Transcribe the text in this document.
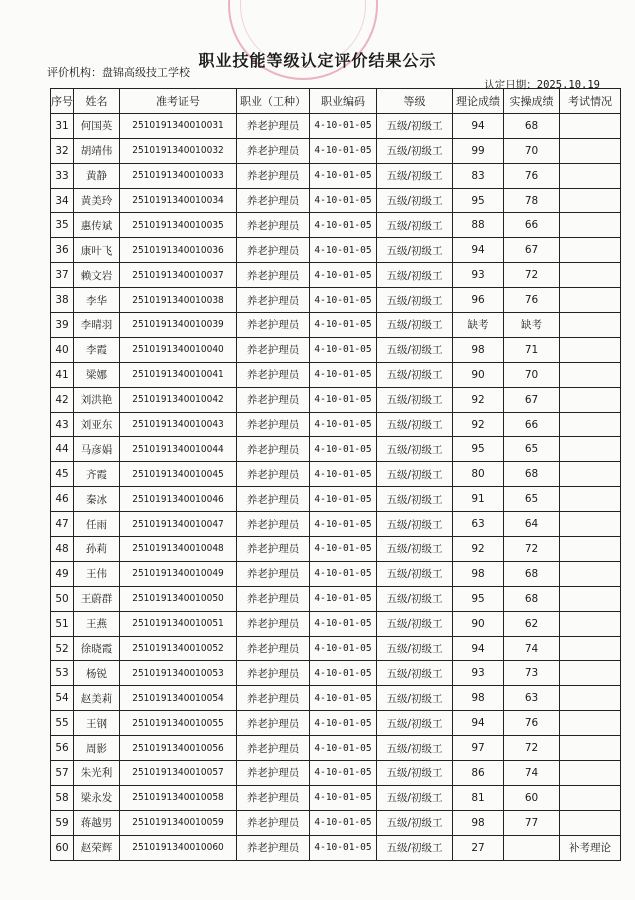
职业技能等级认定评价结果公示
评价机构：盘锦高级技工学校
认定日期：2025.10.19
序号	姓名	准考证号	职业（工种）	职业编码	等级	理论成绩	实操成绩	考试情况
31	何国英	2510191340010031	养老护理员	4-10-01-05	五级/初级工	94	68	
32	胡靖伟	2510191340010032	养老护理员	4-10-01-05	五级/初级工	99	70	
33	黄静	2510191340010033	养老护理员	4-10-01-05	五级/初级工	83	76	
34	黄美玲	2510191340010034	养老护理员	4-10-01-05	五级/初级工	95	78	
35	惠传斌	2510191340010035	养老护理员	4-10-01-05	五级/初级工	88	66	
36	康叶飞	2510191340010036	养老护理员	4-10-01-05	五级/初级工	94	67	
37	赖文岩	2510191340010037	养老护理员	4-10-01-05	五级/初级工	93	72	
38	李华	2510191340010038	养老护理员	4-10-01-05	五级/初级工	96	76	
39	李晴羽	2510191340010039	养老护理员	4-10-01-05	五级/初级工	缺考	缺考	
40	李霞	2510191340010040	养老护理员	4-10-01-05	五级/初级工	98	71	
41	梁娜	2510191340010041	养老护理员	4-10-01-05	五级/初级工	90	70	
42	刘洪艳	2510191340010042	养老护理员	4-10-01-05	五级/初级工	92	67	
43	刘亚东	2510191340010043	养老护理员	4-10-01-05	五级/初级工	92	66	
44	马彦娟	2510191340010044	养老护理员	4-10-01-05	五级/初级工	95	65	
45	齐霞	2510191340010045	养老护理员	4-10-01-05	五级/初级工	80	68	
46	秦冰	2510191340010046	养老护理员	4-10-01-05	五级/初级工	91	65	
47	任雨	2510191340010047	养老护理员	4-10-01-05	五级/初级工	63	64	
48	孙莉	2510191340010048	养老护理员	4-10-01-05	五级/初级工	92	72	
49	王伟	2510191340010049	养老护理员	4-10-01-05	五级/初级工	98	68	
50	王蔚群	2510191340010050	养老护理员	4-10-01-05	五级/初级工	95	68	
51	王燕	2510191340010051	养老护理员	4-10-01-05	五级/初级工	90	62	
52	徐晓霞	2510191340010052	养老护理员	4-10-01-05	五级/初级工	94	74	
53	杨锐	2510191340010053	养老护理员	4-10-01-05	五级/初级工	93	73	
54	赵美莉	2510191340010054	养老护理员	4-10-01-05	五级/初级工	98	63	
55	王钢	2510191340010055	养老护理员	4-10-01-05	五级/初级工	94	76	
56	周影	2510191340010056	养老护理员	4-10-01-05	五级/初级工	97	72	
57	朱光利	2510191340010057	养老护理员	4-10-01-05	五级/初级工	86	74	
58	梁永发	2510191340010058	养老护理员	4-10-01-05	五级/初级工	81	60	
59	蒋越男	2510191340010059	养老护理员	4-10-01-05	五级/初级工	98	77	
60	赵荣辉	2510191340010060	养老护理员	4-10-01-05	五级/初级工	27		补考理论
